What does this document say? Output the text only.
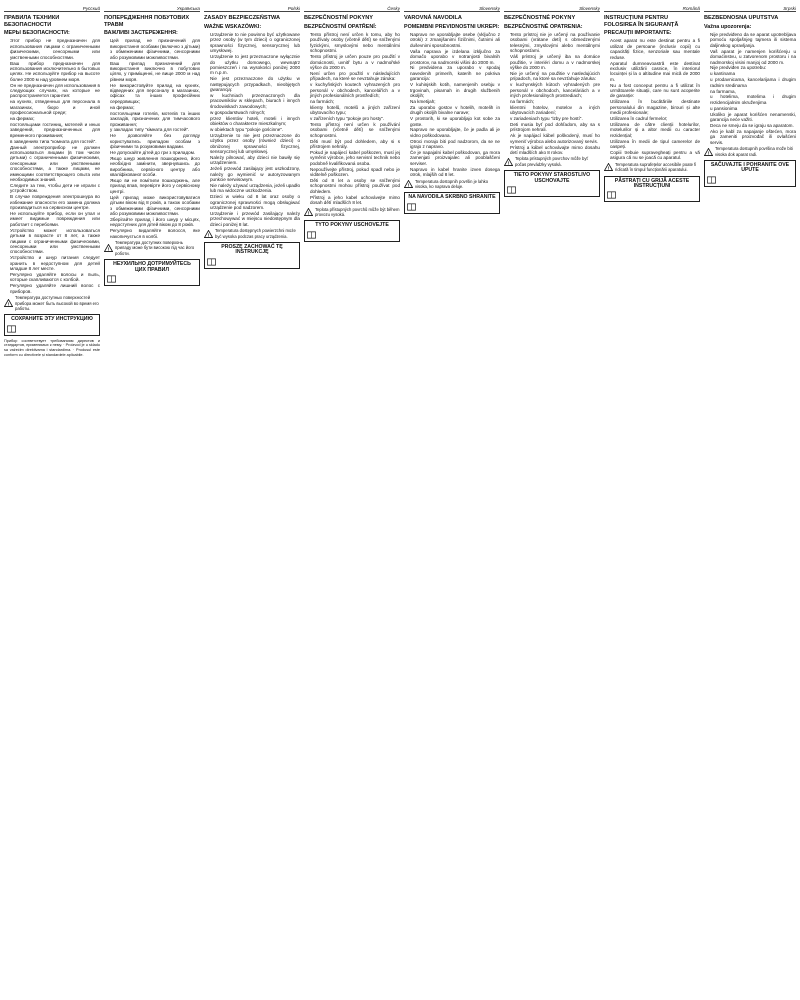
Русский
ПРАВИЛА ТЕХНИКИ БЕЗОПАСНОСТИ
МЕРЫ БЕЗОПАСНОСТИ:
• Этот прибор не предназначен для использования лицами с ограниченными физическими, сенсорными или умственными способностями.
• Ваш прибор предназначен для использования исключительно в бытовых целях. Не используйте прибор на высоте более 2000 м над уровнем моря.
• Он не предназначен для использования в следующих случаях, на которые не распространяется гарантия:
• на кухнях, отведенных для персонала в магазинах, бюро и иной профессиональной среде;
• на фермах;
• постояльцами гостиниц, мотелей и иных заведений, предназначенных для временного проживания;
• в заведениях типа "комната для гостей".
• Данный электроприбор не должен использоваться лицами (в том числе детьми) с ограниченными физическими, сенсорными или умственными способностями, а также лицами, не имеющими соответствующего опыта или необходимых знаний.
• Следите за тем, чтобы дети не играли с устройством.
• В случае повреждения электрошнура во избежание опасности его замена должна производиться на сервисном центре.
• Не используйте прибор, если он упал и имеет видимые повреждения или работает с перебоями.
• Устройство может использоваться детьми в возрасте от 8 лет, а также лицами с ограниченными физическими, сенсорными или умственными способностями.
• Устройство и шнур питания следует хранить в недоступном для детей младше 8 лет месте.
• Регулярно удаляйте волосы и пыль, которые скапливаются с колбой.
• Регулярно удаляйте лишний волос с приборов.
!
Температура доступных поверхностей прибора может быть высокой во время его работы.
СОХРАНИТЕ ЭТУ ИНСТРУКЦИЮ

Прибор соответствует требованиям директив и стандартов, применимых к нему. · Proizvod je u skladu sa važećim direktivama i standardima. · Produsul este conform cu directivele și standardele aplicabile.

Українська
ПОПЕРЕДЖЕННЯ ПОБУТОВИХ ТРАВМ
ВАЖЛИВІ ЗАСТЕРЕЖЕННЯ:
• Цей прилад не призначений для використання особами (включно з дітьми) з обмеженими фізичними, сенсорними або розумовими можливостями.
• Ваш прилад призначений для використання виключно в побутових цілях, у приміщенні, не вище 2000 м над рівнем моря.
• Не використовуйте прилад на кухнях, відведених для персоналу в магазинах, офісах та інших професійних середовищах;
• на фермах;
• постояльцями готелів, мотелів та інших закладів, призначених для тимчасового проживання;
• у закладах типу "кімната для гостей".
• Не дозволяйте без догляду користуватись приладом особам з фізичними та розумовими вадами.
• Не допускайте дітей до гри з приладом.
• Якщо шнур живлення пошкоджено, його необхідно замінити, звернувшись до виробника, сервісного центру або кваліфікованої особи.
• Якщо ви не помітили пошкоджень, але прилад впав, перевірте його у сервісному центрі.
• Цей прилад може використовуватися дітьми віком від 8 років, а також особами з обмеженими фізичними, сенсорними або розумовими можливостями.
• Зберігайте прилад і його шнур у місцях, недоступних для дітей віком до 8 років.
• Регулярно видаляйте волосся, яке накопичується в колбі.
!
Температура доступних поверхонь приладу може бути високою під час його роботи.
НЕУХИЛЬНО ДОТРИМУЙТЕСЬ ЦИХ ПРАВИЛ
Polski
ZASADY BEZPIECZEŃSTWA
WAŻNE WSKAZÓWKI:
• Urządzenie to nie powinno być użytkowane przez osoby (w tym dzieci) o ograniczonej sprawności fizycznej, sensorycznej lub umysłowej.
• Urządzenie to jest przeznaczone wyłącznie do użytku domowego, wewnątrz pomieszczeń i na wysokości poniżej 2000 m n.p.m.
• Nie jest przeznaczone do użytku w następujących przypadkach, nieobjętych gwarancją:
• w kuchniach przeznaczonych dla pracowników w sklepach, biurach i innych środowiskach zawodowych;
• w gospodarstwach rolnych;
• przez klientów hoteli, moteli i innych obiektów o charakterze mieszkalnym;
• w obiektach typu "pokoje gościnne".
• Urządzenie to nie jest przeznaczone do użytku przez osoby (również dzieci) o obniżonej sprawności fizycznej, sensorycznej lub umysłowej.
• Należy pilnować, aby dzieci nie bawiły się urządzeniem.
• Jeżeli przewód zasilający jest uszkodzony, należy go wymienić w autoryzowanym punkcie serwisowym.
• Nie należy używać urządzenia, jeżeli upadło lub ma widoczne uszkodzenia.
• Dzieci w wieku od 8 lat oraz osoby o ograniczonej sprawności mogą obsługiwać urządzenie pod nadzorem.
• Urządzenie i przewód zasilający należy przechowywać w miejscu niedostępnym dla dzieci poniżej 8 lat.
!
Temperatura dostępnych powierzchni może być wysoka podczas pracy urządzenia.
PROSZĘ ZACHOWAĆ TĘ INSTRUKCJĘ
Česky
BEZPEČNOSTNÍ POKYNY
BEZPEČNOSTNÍ OPATŘENÍ:
• Tento přístroj není určen k tomu, aby ho používaly osoby (včetně dětí) se sníženými fyzickými, smyslovými nebo mentálními schopnostmi.
• Tento přístroj je určen pouze pro použití v domácnosti, uvnitř bytu a v nadmořské výšce do 2000 m.
• Není určen pro použití v následujících případech, na které se nevztahuje záruka:
• v kuchyňských koutech vyhrazených pro personál v obchodech, kancelářích a v jiných profesionálních prostředích;
• na farmách;
• klienty hotelů, motelů a jiných zařízení ubytovacího typu;
• v zařízeních typu "pokoje pro hosty".
• Tento přístroj není určen k používání osobami (včetně dětí) se sníženými schopnostmi.
• Děti musí být pod dohledem, aby si s přístrojem nehrály.
• Pokud je napájecí kabel poškozen, musí jej vyměnit výrobce, jeho servisní technik nebo podobně kvalifikovaná osoba.
• Nepoužívejte přístroj, pokud spadl nebo je viditelně poškozen.
• Děti od 8 let a osoby se sníženými schopnostmi mohou přístroj používat pod dohledem.
• Přístroj a jeho kabel uchovávejte mimo dosah dětí mladších 8 let.
!
Teplota přístupných povrchů může být během provozu vysoká.
TYTO POKYNY USCHOVEJTE
Slovensky
VAROVNÁ NAVODILA
POMEMBNI PREVIDNOSTNI UKREPI:
• Napravo ne uporabljajte osebe (vključno z otroki) z zmanjšanimi fizičnimi, čutnimi ali duševnimi sposobnostmi.
• Vaša naprava je izdelana izključno za domačo uporabo v notranjosti bivalnih prostorov, na nadmorski višini do 2000 m.
• Ni predvidena za uporabo v spodaj navedenih primerih, katerih ne pokriva garancija:
• V kuhinjskih kotih, namenjenih osebju v trgovinah, pisarnah in drugih službenih okoljih;
• Na kmetijah;
• Za uporabo gostov v hotelih, motelih in drugih okoljih bivalne narave;
• V prostorih, ki se uporabljajo kot sobe za goste.
• Napravo ne uporabljajte, če je padla ali je vidno poškodovana.
• Otroci morajo biti pod nadzorom, da se ne igrajo z napravo.
• Če je napajalni kabel poškodovan, ga mora zamenjati proizvajalec ali pooblaščeni serviser.
• Napravo in kabel hranite izven dosega otrok, mlajših od 8 let.
!
Temperatura dostopnih površin je lahko visoka, ko naprava deluje.
NA NAVODILA SKRBNO SHRANITE
Slovensky
BEZPEČNOSTNÉ POKYNY
BEZPEČNOSTNÉ OPATRENIA:
• Tento prístroj nie je určený na používanie osobami (vrátane detí) s obmedzenými telesnými, zmyslovými alebo mentálnymi schopnosťami.
• Váš prístroj je určený iba na domáce použitie, v interiéri domu a v nadmorskej výške do 2000 m.
• Nie je určený na použitie v nasledujúcich prípadoch, na ktoré sa nevzťahuje záruka:
• v kuchynských kútoch vyhradených pre personál v obchodoch, kanceláriách a v iných profesionálnych prostrediach;
• na farmách;
• klientmi hotelov, motelov a iných ubytovacích zariadení;
• v zariadeniach typu "izby pre hostí".
• Deti musia byť pod dohľadom, aby sa s prístrojom nehrali.
• Ak je napájací kábel poškodený, musí ho vymeniť výrobca alebo autorizovaný servis.
• Prístroj a kábel uchovávajte mimo dosahu detí mladších ako 8 rokov.
!
Teplota prístupných povrchov môže byť počas prevádzky vysoká.
TIETO POKYNY STAROSTLIVO USCHOVAJTE
Română
INSTRUCȚIUNI PENTRU FOLOSIREA ÎN SIGURANȚĂ
PRECAUȚII IMPORTANTE:
• Acest aparat nu este destinat pentru a fi utilizat de persoane (inclusiv copii) cu capacități fizice, senzoriale sau mentale reduse.
• Aparatul dumneavoastră este destinat exclusiv utilizării casnice, în interiorul locuinței și la o altitudine mai mică de 2000 m.
• Nu a fost conceput pentru a fi utilizat în următoarele situații, care nu sunt acoperite de garanție:
• Utilizarea în bucătăriile destinate personalului din magazine, birouri și alte medii profesionale;
• Utilizarea în cadrul fermelor;
• Utilizarea de către clienții hotelurilor, motelurilor și a altor medii cu caracter rezidențial;
• Utilizarea în medii de tipul camerelor de oaspeți.
• Copiii trebuie supravegheați pentru a vă asigura că nu se joacă cu aparatul.
!
Temperatura suprafețelor accesibile poate fi ridicată în timpul funcționării aparatului.
PĂSTRAȚI CU GRIJĂ ACESTE INSTRUCȚIUNI
Srpski
BEZBEDNOSNA UPUTSTVA
Važna upozorenja:
• Nije predviđeno da se aparat upotrebljava pomoću spoljašnjeg tajmera ili sistema daljinskog upravljanja.
• Vaš aparat je namenjen korišćenju u domaćinstvu, u zatvorenom prostoru i na nadmorskoj visini manjoj od 2000 m.
• Nije predviđen za upotrebu:
• u kantinama
• u prodavnicama, kancelarijama i drugim radnim sredinama
• na farmama,
• u hotelima, motelima i drugim rezidencijalnim okruženjima
• u pansionima
• Ukoliko je aparat korišćen nenamenski, garancija neće važiti.
• Deca ne smeju da se igraju sa aparatom.
• Ako je kabl za napajanje oštećen, mora ga zameniti proizvođač ili ovlašćeni servis.
!
Temperatura dostupnih površina može biti visoka dok aparat radi.
SAČUVAJTE I POHRANITE OVE UPUTE
